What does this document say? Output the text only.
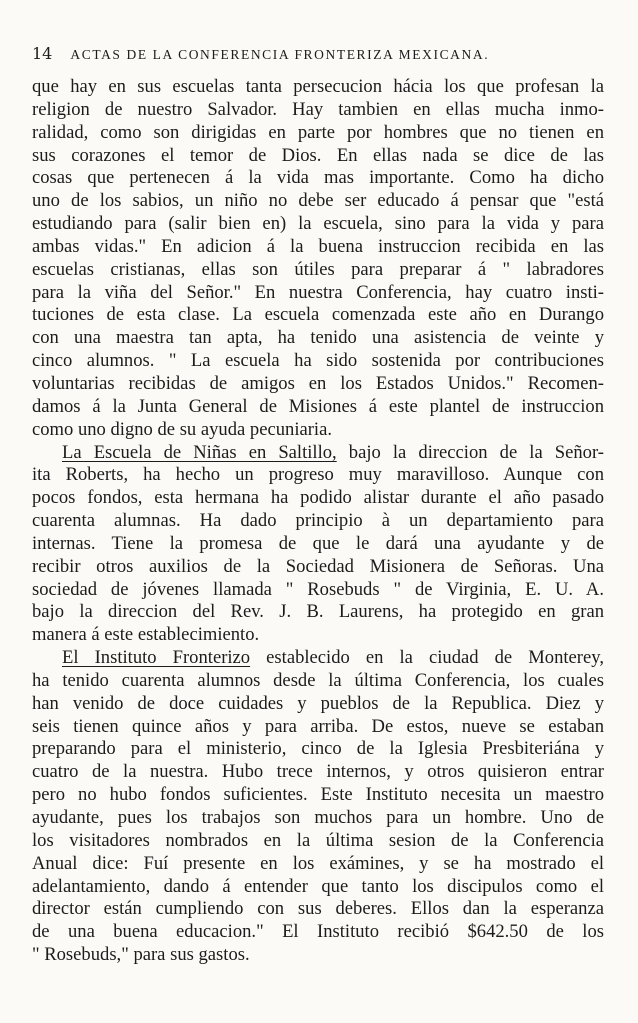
14 ACTAS DE LA CONFERENCIA FRONTERIZA MEXICANA.

que hay en sus escuelas tanta persecucion hácia los que profesan la

religion de nuestro Salvador. Hay tambien en ellas mucha inmo-

ralidad, como son dirigidas en parte por hombres que no tienen en

sus corazones el temor de Dios. En ellas nada se dice de las

cosas que pertenecen á la vida mas importante. Como ha dicho

uno de los sabios, un niño no debe ser educado á pensar que "está

estudiando para (salir bien en) la escuela, sino para la vida y para

ambas vidas." En adicion á la buena instruccion recibida en las

escuelas cristianas, ellas son útiles para preparar á " labradores

para la viña del Señor." En nuestra Conferencia, hay cuatro insti-

tuciones de esta clase. La escuela comenzada este año en Durango

con una maestra tan apta, ha tenido una asistencia de veinte y

cinco alumnos. " La escuela ha sido sostenida por contribuciones

voluntarias recibidas de amigos en los Estados Unidos." Recomen-

damos á la Junta General de Misiones á este plantel de instruccion

como uno digno de su ayuda pecuniaria.

La Escuela de Niñas en Saltillo, bajo la direccion de la Señor-

ita Roberts, ha hecho un progreso muy maravilloso. Aunque con

pocos fondos, esta hermana ha podido alistar durante el año pasado

cuarenta alumnas. Ha dado principio à un departamiento para

internas. Tiene la promesa de que le dará una ayudante y de

recibir otros auxilios de la Sociedad Misionera de Señoras. Una

sociedad de jóvenes llamada " Rosebuds " de Virginia, E. U. A.

bajo la direccion del Rev. J. B. Laurens, ha protegido en gran

manera á este establecimiento.

El Instituto Fronterizo establecido en la ciudad de Monterey,

ha tenido cuarenta alumnos desde la última Conferencia, los cuales

han venido de doce cuidades y pueblos de la Republica. Diez y

seis tienen quince años y para arriba. De estos, nueve se estaban

preparando para el ministerio, cinco de la Iglesia Presbiteriána y

cuatro de la nuestra. Hubo trece internos, y otros quisieron entrar

pero no hubo fondos suficientes. Este Instituto necesita un maestro

ayudante, pues los trabajos son muchos para un hombre. Uno de

los visitadores nombrados en la última sesion de la Conferencia

Anual dice: Fuí presente en los exámines, y se ha mostrado el

adelantamiento, dando á entender que tanto los discipulos como el

director están cumpliendo con sus deberes. Ellos dan la esperanza

de una buena educacion." El Instituto recibió $642.50 de los

" Rosebuds," para sus gastos.
